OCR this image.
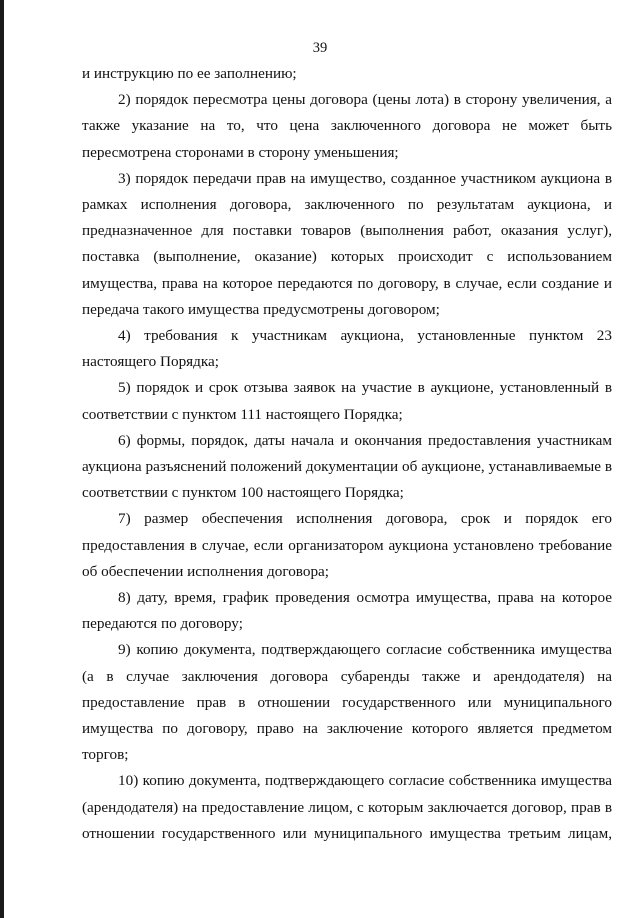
39

и инструкцию по ее заполнению;

2) порядок пересмотра цены договора (цены лота) в сторону увеличения, а также указание на то, что цена заключенного договора не может быть пересмотрена сторонами в сторону уменьшения;

3) порядок передачи прав на имущество, созданное участником аукциона в рамках исполнения договора, заключенного по результатам аукциона, и предназначенное для поставки товаров (выполнения работ, оказания услуг), поставка (выполнение, оказание) которых происходит с использованием имущества, права на которое передаются по договору, в случае, если создание и передача такого имущества предусмотрены договором;

4) требования к участникам аукциона, установленные пунктом 23 настоящего Порядка;

5) порядок и срок отзыва заявок на участие в аукционе, установленный в соответствии с пунктом 111 настоящего Порядка;

6) формы, порядок, даты начала и окончания предоставления участникам аукциона разъяснений положений документации об аукционе, устанавливаемые в соответствии с пунктом 100 настоящего Порядка;

7) размер обеспечения исполнения договора, срок и порядок его предоставления в случае, если организатором аукциона установлено требование об обеспечении исполнения договора;

8) дату, время, график проведения осмотра имущества, права на которое передаются по договору;

9) копию документа, подтверждающего согласие собственника имущества (а в случае заключения договора субаренды также и арендодателя) на предоставление прав в отношении государственного или муниципального имущества по договору, право на заключение которого является предметом торгов;

10) копию документа, подтверждающего согласие собственника имущества (арендодателя) на предоставление лицом, с которым заключается договор, прав в отношении государственного или муниципального имущества третьим лицам,
